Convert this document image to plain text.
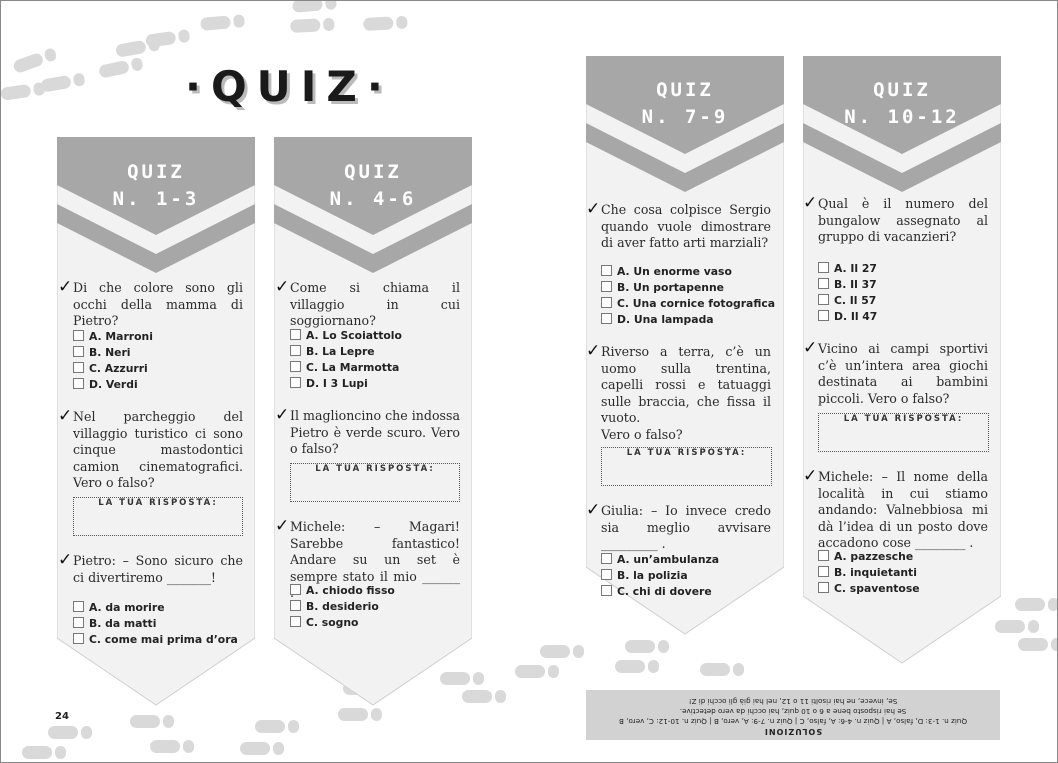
·QUIZ·
QUIZ
N. 1-3
✓ Di che colore sono gli occhi della mamma di Pietro?
A. Marroni
B. Neri
C. Azzurri
D. Verdi
✓ Nel parcheggio del villaggio turistico ci sono cinque mastodontici camion cinematografici. Vero o falso?
LA TUA RISPOSTA:
✓ Pietro: – Sono sicuro che ci divertiremo _______!
A. da morire
B. da matti
C. come mai prima d’ora
QUIZ
N. 4-6
✓ Come si chiama il villaggio in cui soggiornano?
A. Lo Scoiattolo
B. La Lepre
C. La Marmotta
D. I 3 Lupi
✓ Il maglioncino che indossa Pietro è verde scuro. Vero o falso?
LA TUA RISPOSTA:
✓ Michele: – Magari! Sarebbe fantastico! Andare su un set è sempre stato il mio ______
A. chiodo fisso
B. desiderio
C. sogno
QUIZ
N. 7-9
✓ Che cosa colpisce Sergio quando vuole dimostrare di aver fatto arti marziali?
A. Un enorme vaso
B. Un portapenne
C. Una cornice fotografica
D. Una lampada
✓ Riverso a terra, c’è un uomo sulla trentina, capelli rossi e tatuaggi sulle braccia, che fissa il vuoto.
Vero o falso?
LA TUA RISPOSTA:
✓ Giulia: – Io invece credo sia meglio avvisare _________ .
A. un’ambulanza
B. la polizia
C. chi di dovere
QUIZ
N. 10-12
✓ Qual è il numero del bungalow assegnato al gruppo di vacanzieri?
A. Il 27
B. Il 37
C. Il 57
D. Il 47
✓ Vicino ai campi sportivi c’è un’intera area giochi destinata ai bambini piccoli. Vero o falso?
LA TUA RISPOSTA:
✓ Michele: – Il nome della località in cui stiamo andando: Valnebbiosa mi dà l’idea di un posto dove accadono cose ________ .
A. pazzesche
B. inquietanti
C. spaventose
SOLUZIONI
Quiz n. 1-3: D, falso, A | Quiz n. 4-6: A, falso, C | Quiz n. 7-9: A, vero, B | Quiz n. 10-12: C, vero, B
Se hai risposto bene a 6 o 10 quiz, hai occhi da vero detective.
Se, invece, ne hai risolti 11 o 12, nel hai già gli occhi di Z!
24
